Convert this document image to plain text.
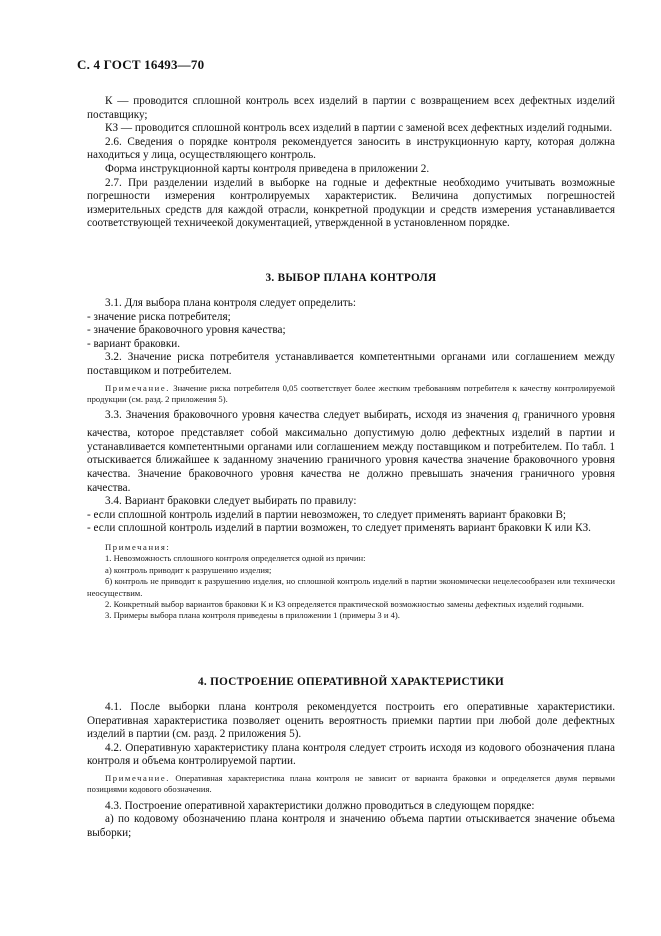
С. 4 ГОСТ 16493—70

К — проводится сплошной контроль всех изделий в партии с возвращением всех дефектных изделий поставщику;

КЗ — проводится сплошной контроль всех изделий в партии с заменой всех дефектных изделий годными.

2.6. Сведения о порядке контроля рекомендуется заносить в инструкционную карту, которая должна находиться у лица, осуществляющего контроль.

Форма инструкционной карты контроля приведена в приложении 2.

2.7. При разделении изделий в выборке на годные и дефектные необходимо учитывать возможные погрешности измерения контролируемых характеристик. Величина допустимых погрешностей измерительных средств для каждой отрасли, конкретной продукции и средств измерения устанавливается соответствующей техничеекой документацией, утвержденной в установленном порядке.

3. ВЫБОР ПЛАНА КОНТРОЛЯ

3.1. Для выбора плана контроля следует определить:

- значение риска потребителя;

- значение браковочного уровня качества;

- вариант браковки.

3.2. Значение риска потребителя устанавливается компетентными органами или соглашением между поставщиком и потребителем.

Примечание. Значение риска потребителя 0,05 соответствует более жестким требованиям потребителя к качеству контролируемой продукции (см. разд. 2 приложения 5).

3.3. Значения браковочного уровня качества следует выбирать, исходя из значения $q_i$ граничного уровня качества, которое представляет собой максимально допустимую долю дефектных изделий в партии и устанавливается компетентными органами или соглашением между поставщиком и потребителем. По табл. 1 отыскивается ближайшее к заданному значению граничного уровня качества значение браковочного уровня качества. Значение браковочного уровня качества не должно превышать значения граничного уровня качества.

3.4. Вариант браковки следует выбирать по правилу:

- если сплошной контроль изделий в партии невозможен, то следует применять вариант браковки В;

- если сплошной контроль изделий в партии возможен, то следует применять вариант браковки К или КЗ.

Примечания:

1. Невозможность сплошного контроля определяется одной из причин:

а) контроль приводит к разрушению изделия;

б) контроль не приводит к разрушению изделия, но сплошной контроль изделий в партии экономически нецелесообразен или технически неосуществим.

2. Конкретный выбор вариантов браковки К и КЗ определяется практической возможностью замены дефектных изделий годными.

3. Примеры выбора плана контроля приведены в приложении 1 (примеры 3 и 4).

4. ПОСТРОЕНИЕ ОПЕРАТИВНОЙ ХАРАКТЕРИСТИКИ

4.1. После выборки плана контроля рекомендуется построить его оперативные характеристики. Оперативная характеристика позволяет оценить вероятность приемки партии при любой доле дефектных изделий в партии (см. разд. 2 приложения 5).

4.2. Оперативную характеристику плана контроля следует строить исходя из кодового обозначения плана контроля и объема контролируемой партии.

Примечание. Оперативная характеристика плана контроля не зависит от варианта браковки и определяется двумя первыми позициями кодового обозначения.

4.3. Построение оперативной характеристики должно проводиться в следующем порядке:

а) по кодовому обозначению плана контроля и значению объема партии отыскивается значение объема выборки;
